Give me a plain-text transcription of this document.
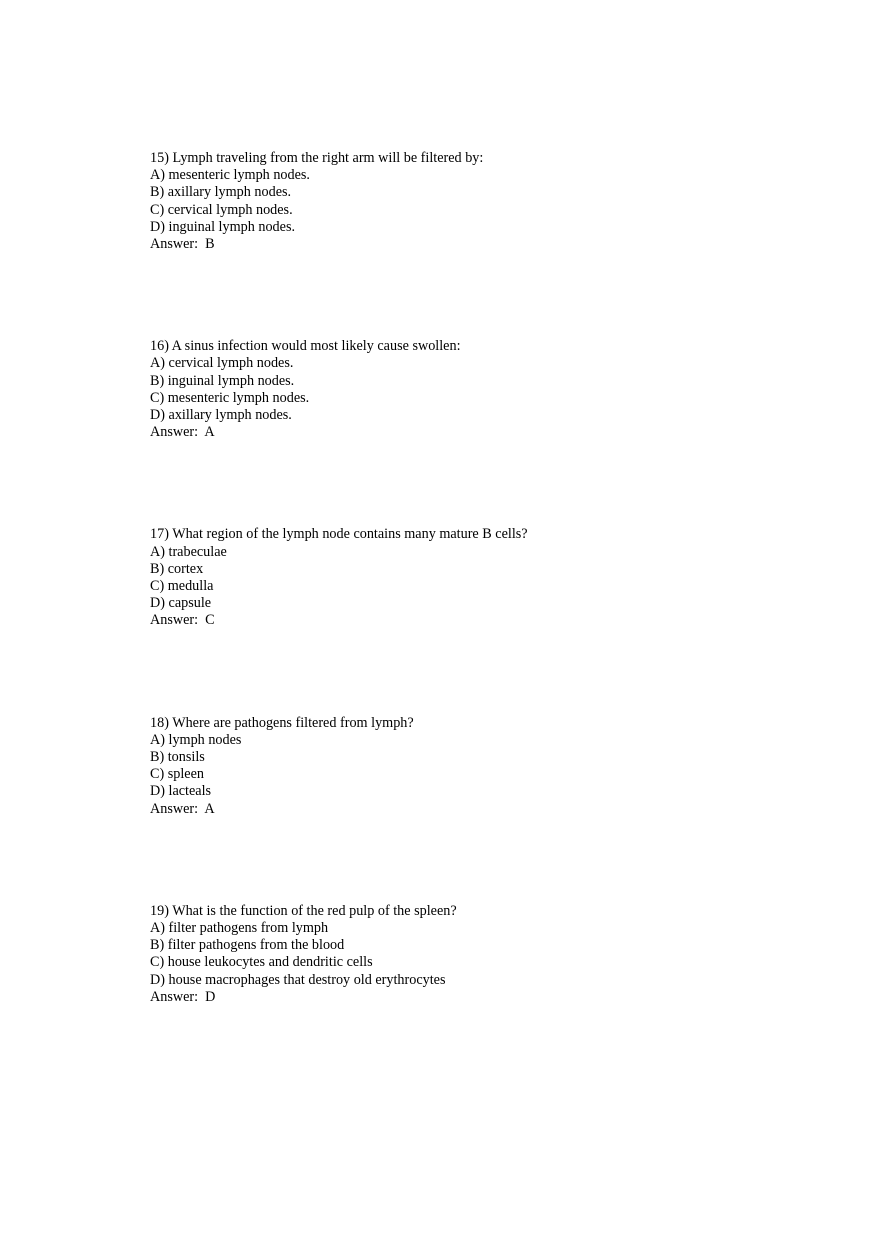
15) Lymph traveling from the right arm will be filtered by:
A) mesenteric lymph nodes.
B) axillary lymph nodes.
C) cervical lymph nodes.
D) inguinal lymph nodes.
Answer:  B
16) A sinus infection would most likely cause swollen:
A) cervical lymph nodes.
B) inguinal lymph nodes.
C) mesenteric lymph nodes.
D) axillary lymph nodes.
Answer:  A
17) What region of the lymph node contains many mature B cells?
A) trabeculae
B) cortex
C) medulla
D) capsule
Answer:  C
18) Where are pathogens filtered from lymph?
A) lymph nodes
B) tonsils
C) spleen
D) lacteals
Answer:  A
19) What is the function of the red pulp of the spleen?
A) filter pathogens from lymph
B) filter pathogens from the blood
C) house leukocytes and dendritic cells
D) house macrophages that destroy old erythrocytes
Answer:  D
